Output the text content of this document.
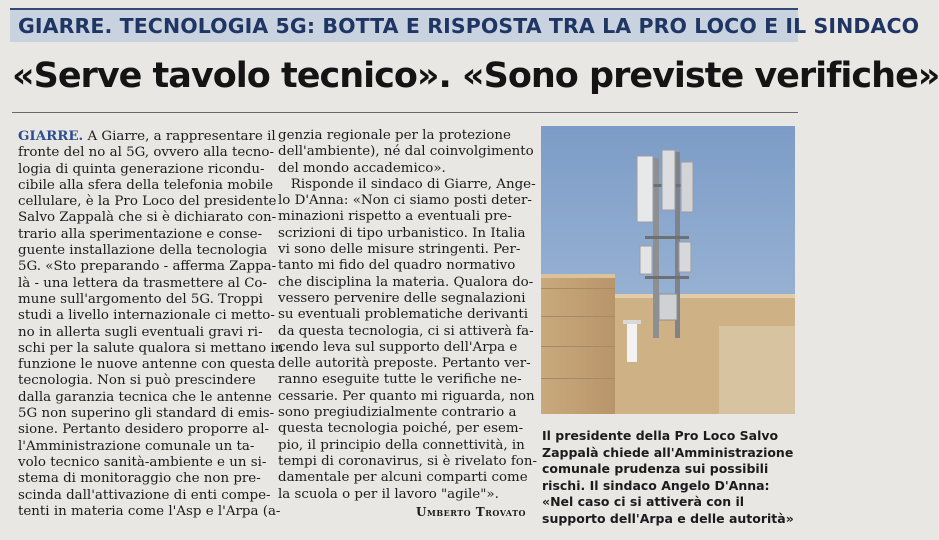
GIARRE. TECNOLOGIA 5G: BOTTA E RISPOSTA TRA LA PRO LOCO E IL SINDACO
«Serve tavolo tecnico». «Sono previste verifiche»
GIARRE. A Giarre, a rappresentare il
fronte del no al 5G, ovvero alla tecno-
logia di quinta generazione ricondu-
cibile alla sfera della telefonia mobile
cellulare, è la Pro Loco del presidente
Salvo Zappalà che si è dichiarato con-
trario alla sperimentazione e conse-
guente installazione della tecnologia
5G. «Sto preparando - afferma Zappa-
là - una lettera da trasmettere al Co-
mune sull'argomento del 5G. Troppi
studi a livello internazionale ci metto-
no in allerta sugli eventuali gravi ri-
schi per la salute qualora si mettano in
funzione le nuove antenne con questa
tecnologia. Non si può prescindere
dalla garanzia tecnica che le antenne
5G non superino gli standard di emis-
sione. Pertanto desidero proporre al-
l'Amministrazione comunale un ta-
volo tecnico sanità-ambiente e un si-
stema di monitoraggio che non pre-
scinda dall'attivazione di enti compe-
tenti in materia come l'Asp e l'Arpa (a-
genzia regionale per la protezione
dell'ambiente), né dal coinvolgimento
del mondo accademico».
Risponde il sindaco di Giarre, Ange-
lo D'Anna: «Non ci siamo posti deter-
minazioni rispetto a eventuali pre-
scrizioni di tipo urbanistico. In Italia
vi sono delle misure stringenti. Per-
tanto mi fido del quadro normativo
che disciplina la materia. Qualora do-
vessero pervenire delle segnalazioni
su eventuali problematiche derivanti
da questa tecnologia, ci si attiverà fa-
cendo leva sul supporto dell'Arpa e
delle autorità preposte. Pertanto ver-
ranno eseguite tutte le verifiche ne-
cessarie. Per quanto mi riguarda, non
sono pregiudizialmente contrario a
questa tecnologia poiché, per esem-
pio, il principio della connettività, in
tempi di coronavirus, si è rivelato fon-
damentale per alcuni comparti come
la scuola o per il lavoro "agile"».
Umberto Trovato
Il presidente della Pro Loco Salvo
Zappalà chiede all'Amministrazione
comunale prudenza sui possibili
rischi. Il sindaco Angelo D'Anna:
«Nel caso ci si attiverà con il
supporto dell'Arpa e delle autorità»
